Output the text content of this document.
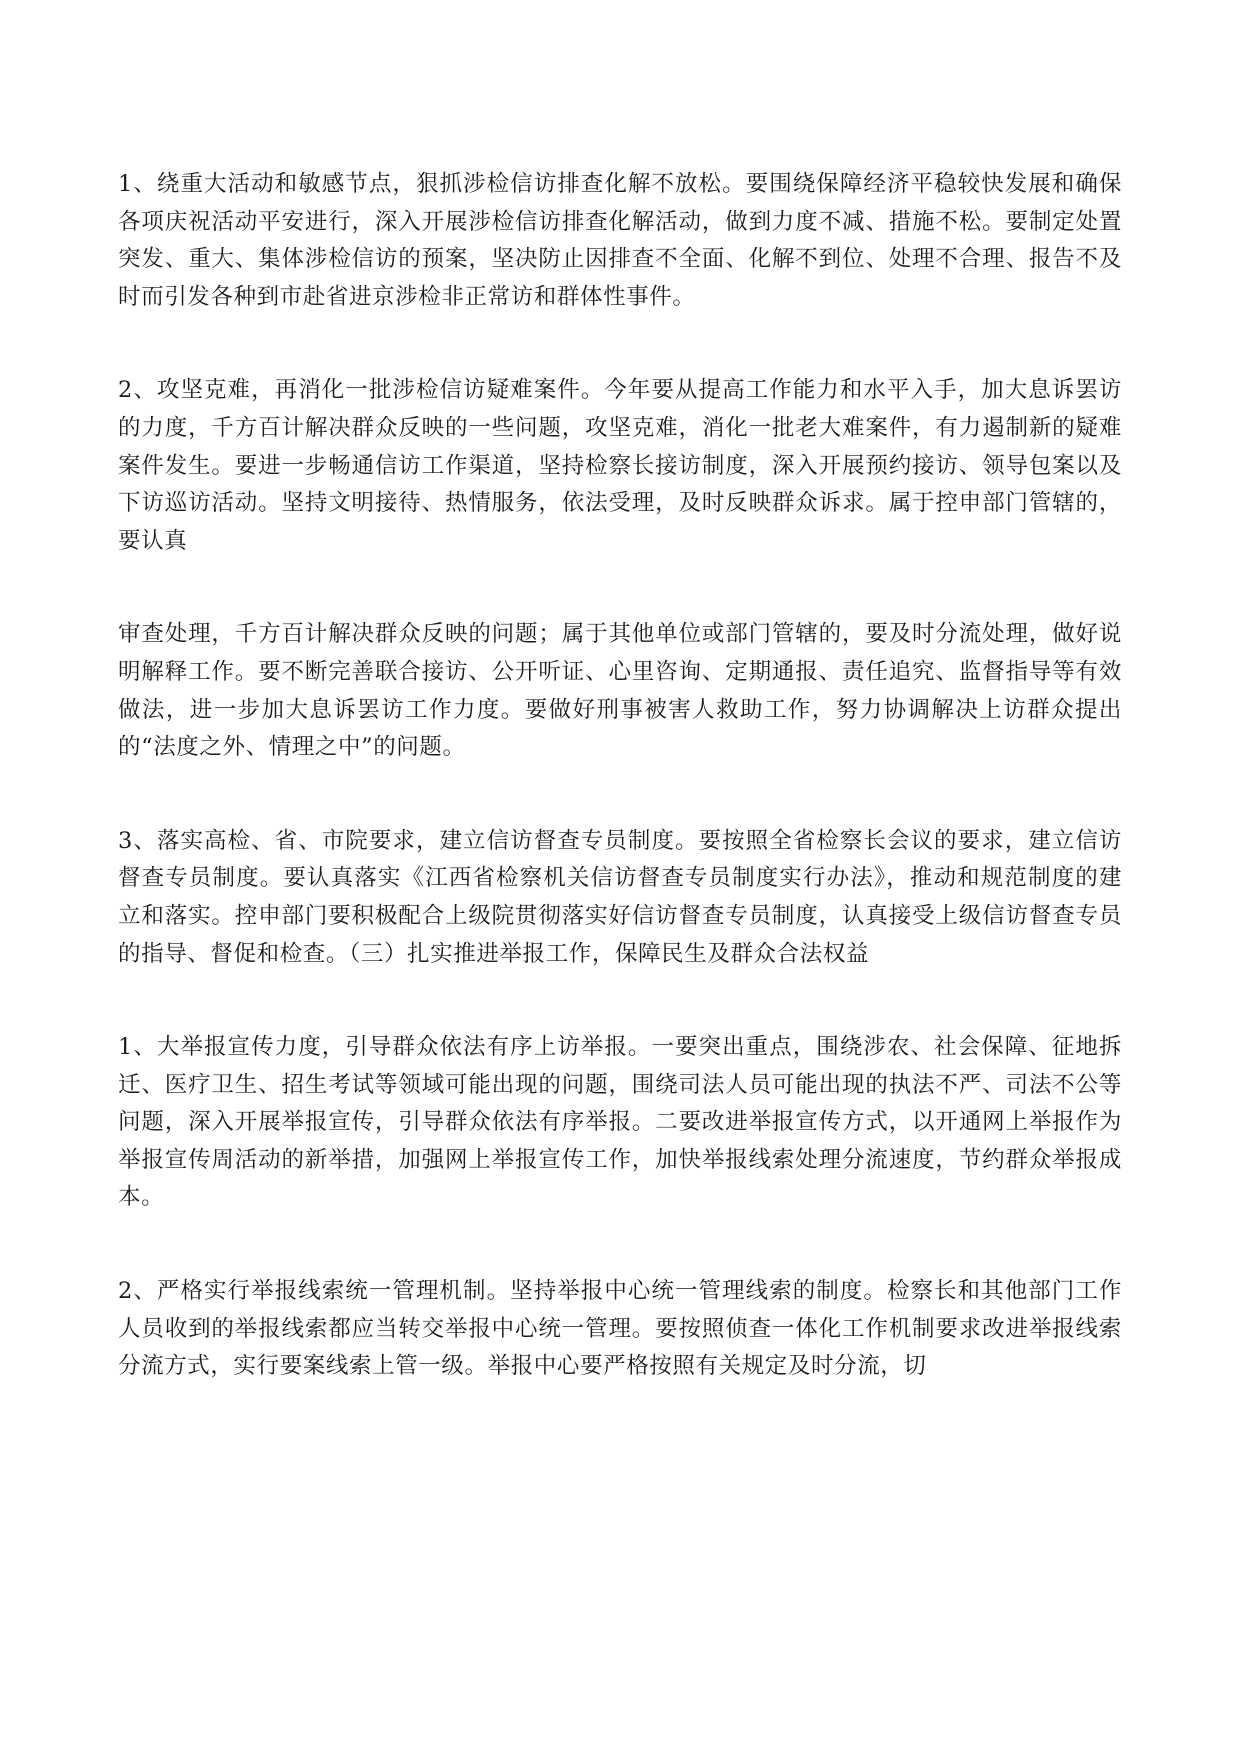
1、绕重大活动和敏感节点，狠抓涉检信访排查化解不放松。要围绕保障经济平稳较快发展和确保各项庆祝活动平安进行，深入开展涉检信访排查化解活动，做到力度不减、措施不松。要制定处置突发、重大、集体涉检信访的预案，坚决防止因排查不全面、化解不到位、处理不合理、报告不及时而引发各种到市赴省进京涉检非正常访和群体性事件。

2、攻坚克难，再消化一批涉检信访疑难案件。今年要从提高工作能力和水平入手，加大息诉罢访的力度，千方百计解决群众反映的一些问题，攻坚克难，消化一批老大难案件，有力遏制新的疑难案件发生。要进一步畅通信访工作渠道，坚持检察长接访制度，深入开展预约接访、领导包案以及下访巡访活动。坚持文明接待、热情服务，依法受理，及时反映群众诉求。属于控申部门管辖的，要认真

审查处理，千方百计解决群众反映的问题；属于其他单位或部门管辖的，要及时分流处理，做好说明解释工作。要不断完善联合接访、公开听证、心里咨询、定期通报、责任追究、监督指导等有效做法，进一步加大息诉罢访工作力度。要做好刑事被害人救助工作，努力协调解决上访群众提出的“法度之外、情理之中”的问题。

3、落实高检、省、市院要求，建立信访督查专员制度。要按照全省检察长会议的要求，建立信访督查专员制度。要认真落实《江西省检察机关信访督查专员制度实行办法》，推动和规范制度的建立和落实。控申部门要积极配合上级院贯彻落实好信访督查专员制度，认真接受上级信访督查专员的指导、督促和检查。（三）扎实推进举报工作，保障民生及群众合法权益

1、大举报宣传力度，引导群众依法有序上访举报。一要突出重点，围绕涉农、社会保障、征地拆迁、医疗卫生、招生考试等领域可能出现的问题，围绕司法人员可能出现的执法不严、司法不公等问题，深入开展举报宣传，引导群众依法有序举报。二要改进举报宣传方式，以开通网上举报作为举报宣传周活动的新举措，加强网上举报宣传工作，加快举报线索处理分流速度，节约群众举报成本。

2、严格实行举报线索统一管理机制。坚持举报中心统一管理线索的制度。检察长和其他部门工作人员收到的举报线索都应当转交举报中心统一管理。要按照侦查一体化工作机制要求改进举报线索分流方式，实行要案线索上管一级。举报中心要严格按照有关规定及时分流，切
